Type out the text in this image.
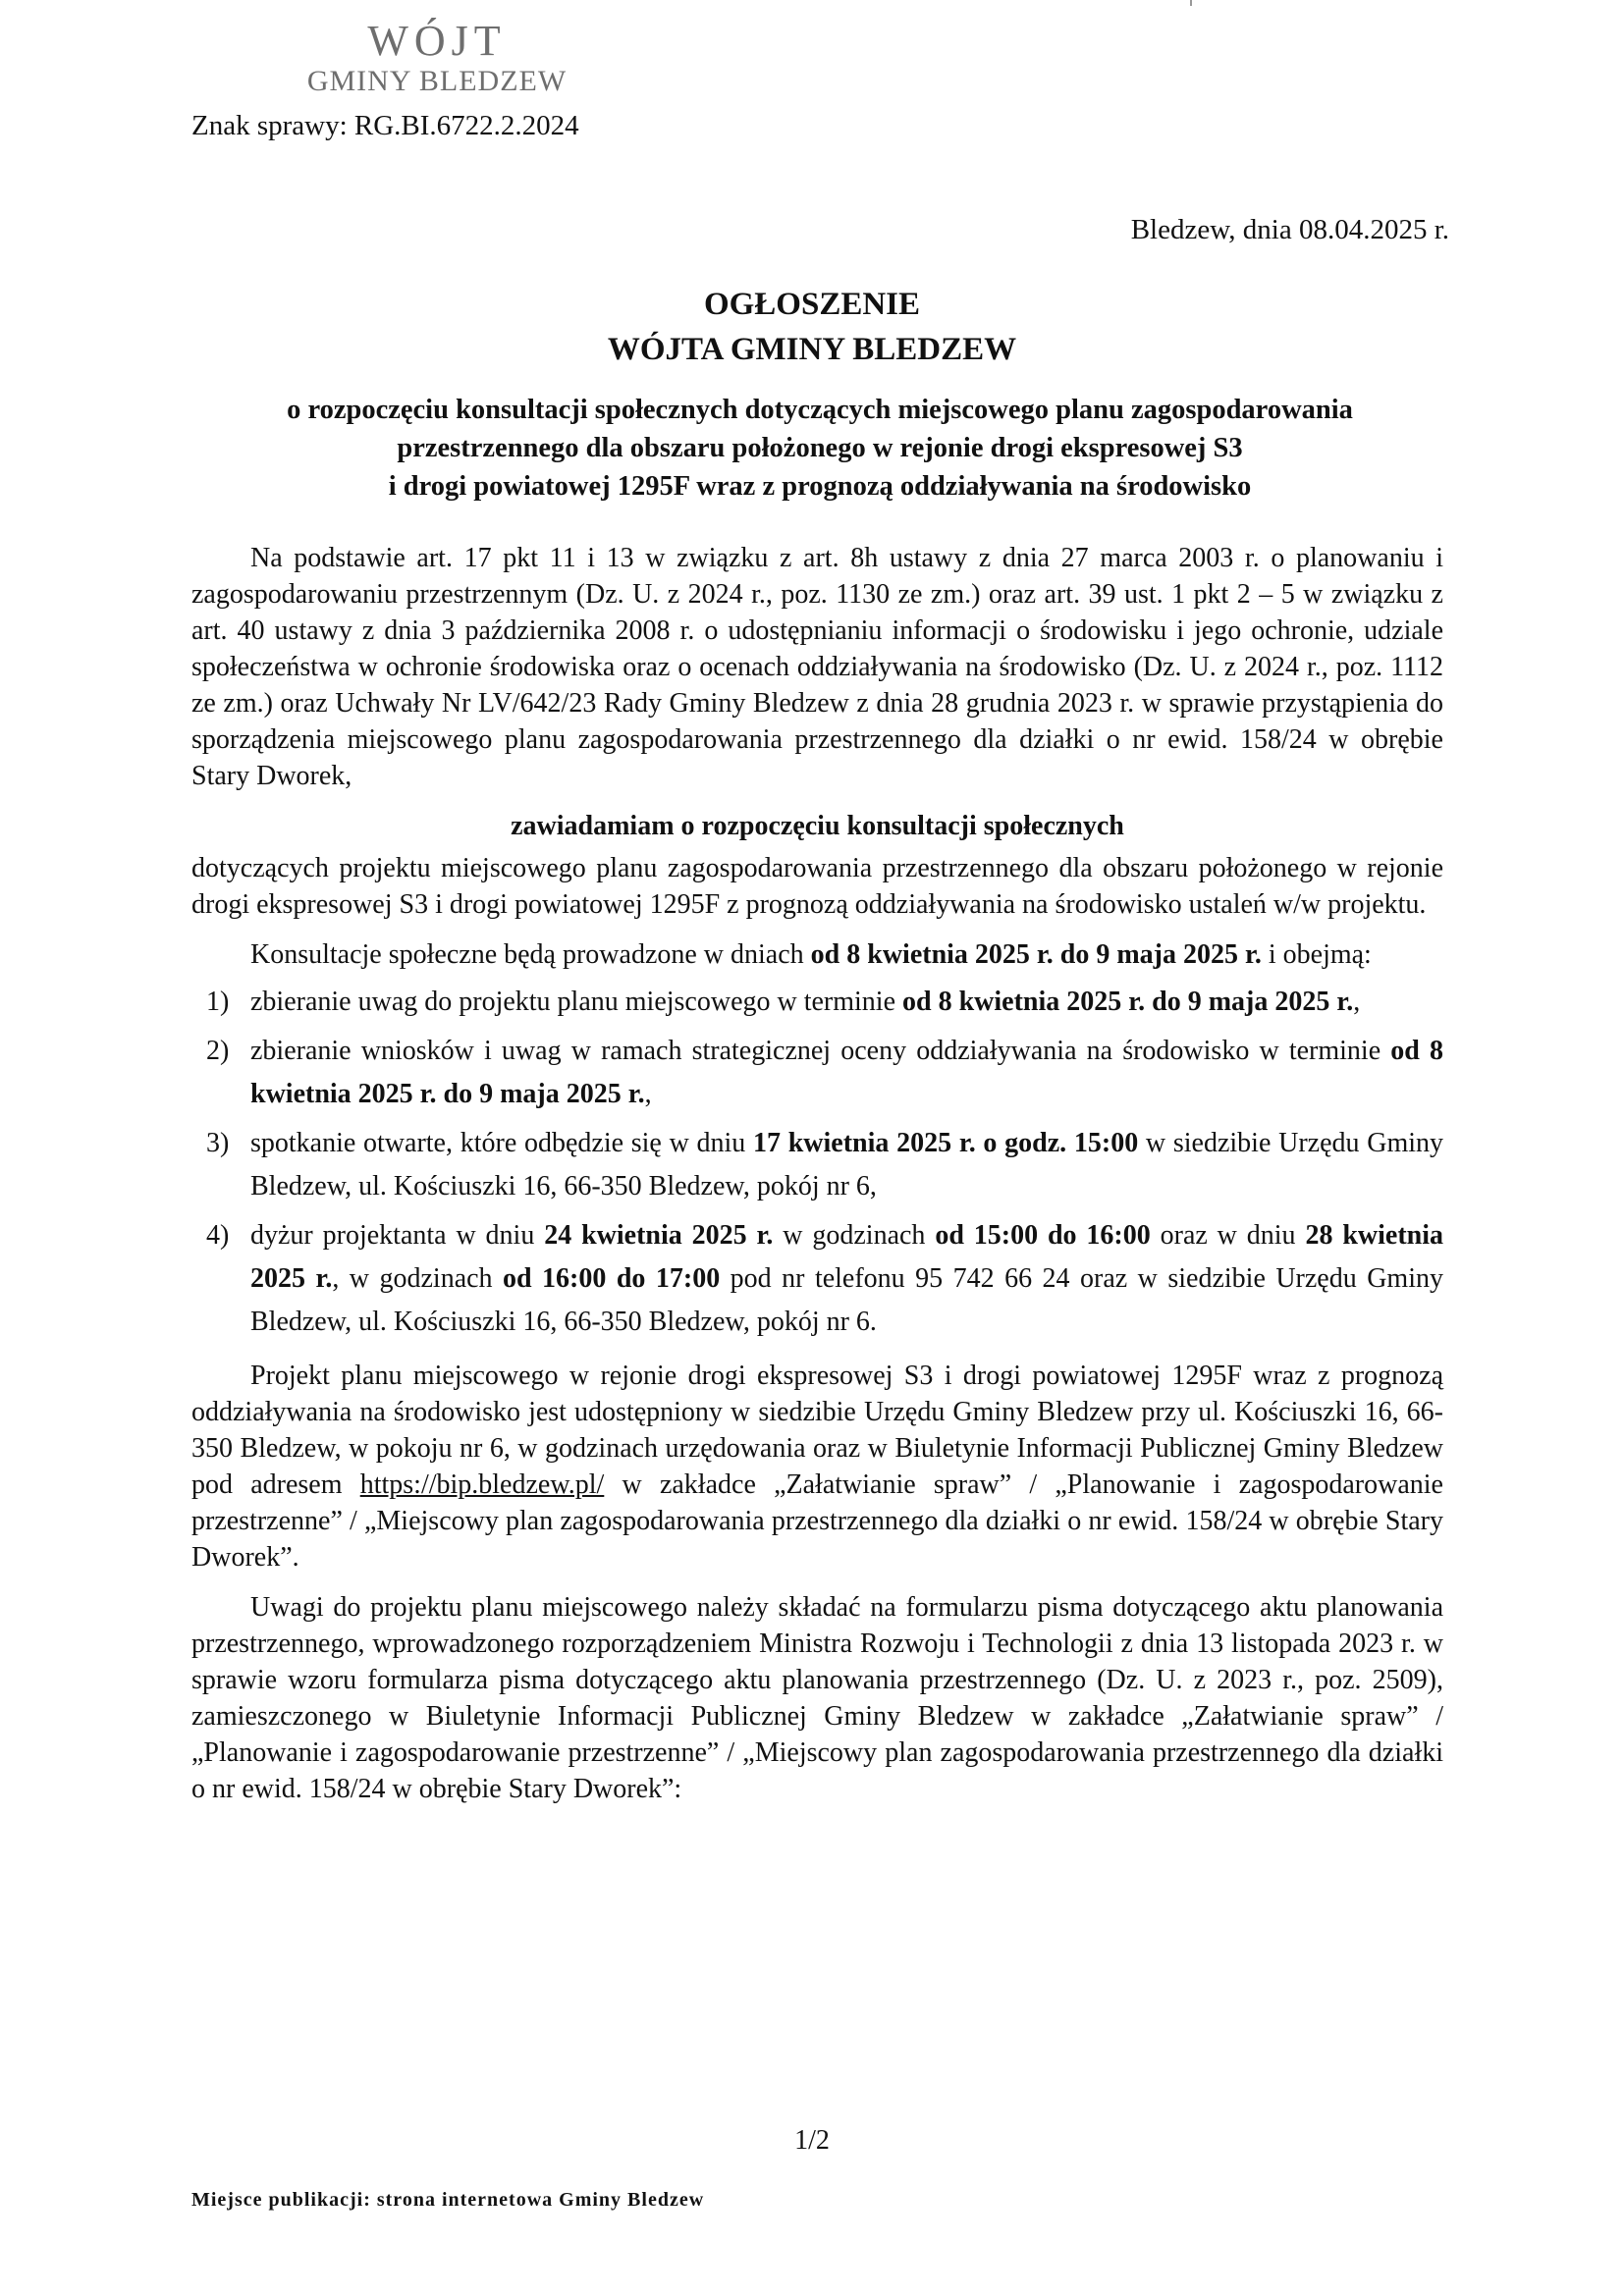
WÓJT
GMINY BLEDZEW
Znak sprawy: RG.BI.6722.2.2024
Bledzew, dnia 08.04.2025 r.
OGŁOSZENIE
WÓJTA GMINY BLEDZEW
o rozpoczęciu konsultacji społecznych dotyczących miejscowego planu zagospodarowania
przestrzennego dla obszaru położonego w rejonie drogi ekspresowej S3
i drogi powiatowej 1295F wraz z prognozą oddziaływania na środowisko

Na podstawie art. 17 pkt 11 i 13 w związku z art. 8h ustawy z dnia 27 marca 2003 r. o planowaniu i zagospodarowaniu przestrzennym (Dz. U. z 2024 r., poz. 1130 ze zm.) oraz art. 39 ust. 1 pkt 2 – 5 w związku z art. 40 ustawy z dnia 3 października 2008 r. o udostępnianiu informacji o środowisku i jego ochronie, udziale społeczeństwa w ochronie środowiska oraz o ocenach oddziaływania na środowisko (Dz. U. z 2024 r., poz. 1112 ze zm.) oraz Uchwały Nr LV/642/23 Rady Gminy Bledzew z dnia 28 grudnia 2023 r. w sprawie przystąpienia do sporządzenia miejscowego planu zagospodarowania przestrzennego dla działki o nr ewid. 158/24 w obrębie Stary Dworek,

zawiadamiam o rozpoczęciu konsultacji społecznych

dotyczących projektu miejscowego planu zagospodarowania przestrzennego dla obszaru położonego w rejonie drogi ekspresowej S3 i drogi powiatowej 1295F z prognozą oddziaływania na środowisko ustaleń w/w projektu.

Konsultacje społeczne będą prowadzone w dniach od 8 kwietnia 2025 r. do 9 maja 2025 r. i obejmą:

1) zbieranie uwag do projektu planu miejscowego w terminie od 8 kwietnia 2025 r. do 9 maja 2025 r.,
2) zbieranie wniosków i uwag w ramach strategicznej oceny oddziaływania na środowisko w terminie od 8 kwietnia 2025 r. do 9 maja 2025 r.,
3) spotkanie otwarte, które odbędzie się w dniu 17 kwietnia 2025 r. o godz. 15:00 w siedzibie Urzędu Gminy Bledzew, ul. Kościuszki 16, 66-350 Bledzew, pokój nr 6,
4) dyżur projektanta w dniu 24 kwietnia 2025 r. w godzinach od 15:00 do 16:00 oraz w dniu 28 kwietnia 2025 r., w godzinach od 16:00 do 17:00 pod nr telefonu 95 742 66 24 oraz w siedzibie Urzędu Gminy Bledzew, ul. Kościuszki 16, 66-350 Bledzew, pokój nr 6.

Projekt planu miejscowego w rejonie drogi ekspresowej S3 i drogi powiatowej 1295F wraz z prognozą oddziaływania na środowisko jest udostępniony w siedzibie Urzędu Gminy Bledzew przy ul. Kościuszki 16, 66-350 Bledzew, w pokoju nr 6, w godzinach urzędowania oraz w Biuletynie Informacji Publicznej Gminy Bledzew pod adresem https://bip.bledzew.pl/ w zakładce „Załatwianie spraw” / „Planowanie i zagospodarowanie przestrzenne” / „Miejscowy plan zagospodarowania przestrzennego dla działki o nr ewid. 158/24 w obrębie Stary Dworek”.

Uwagi do projektu planu miejscowego należy składać na formularzu pisma dotyczącego aktu planowania przestrzennego, wprowadzonego rozporządzeniem Ministra Rozwoju i Technologii z dnia 13 listopada 2023 r. w sprawie wzoru formularza pisma dotyczącego aktu planowania przestrzennego (Dz. U. z 2023 r., poz. 2509), zamieszczonego w Biuletynie Informacji Publicznej Gminy Bledzew w zakładce „Załatwianie spraw” / „Planowanie i zagospodarowanie przestrzenne” / „Miejscowy plan zagospodarowania przestrzennego dla działki o nr ewid. 158/24 w obrębie Stary Dworek”:

1/2
Miejsce publikacji: strona internetowa Gminy Bledzew
